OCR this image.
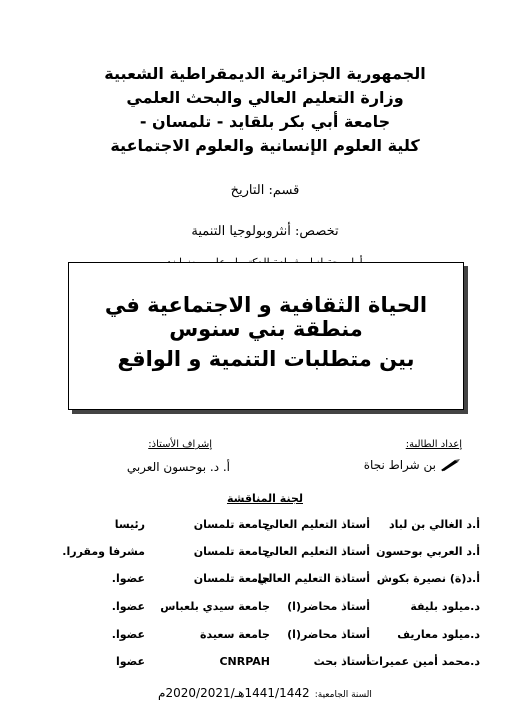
الجمهورية الجزائرية الديمقراطية الشعبية
وزارة التعليم العالي والبحث العلمي
جامعة أبي بكر بلقايد - تلمسان -
كلية العلوم الإنسانية والعلوم الاجتماعية
قسم: التاريخ
تخصص: أنثروبولوجيا التنمية
الحياة الثقافية و الاجتماعية في منطقة بني سنوس
بين متطلبات التنمية و الواقع
إعداد الطالبة:
إشراف الأستاذ:
بن شراط نجاة
أ. د. بوحسون العربي
لجنة المناقشة
أ.د الغالي بن لباد
أستاذ التعليم العالي
جامعة تلمسان
رئيسا
أ.د العربي بوحسون
أستاذ التعليم العالي
جامعة تلمسان
مشرفا ومقررا.
أ.د(ة) نصيرة بكوش
أستاذة التعليم العالي
جامعة تلمسان
عضوا.
د.ميلود بليفة
أستاذ محاضر(ا)
جامعة سيدي بلعباس
عضوا.
د.ميلود معاريف
أستاذ محاضر(ا)
جامعة سعيدة
عضوا.
د.محمد أمين عميرات
أستاذ بحث
CNRPAH
عضوا
السنة الجامعية: 1441/1442هـ/2020/2021م
